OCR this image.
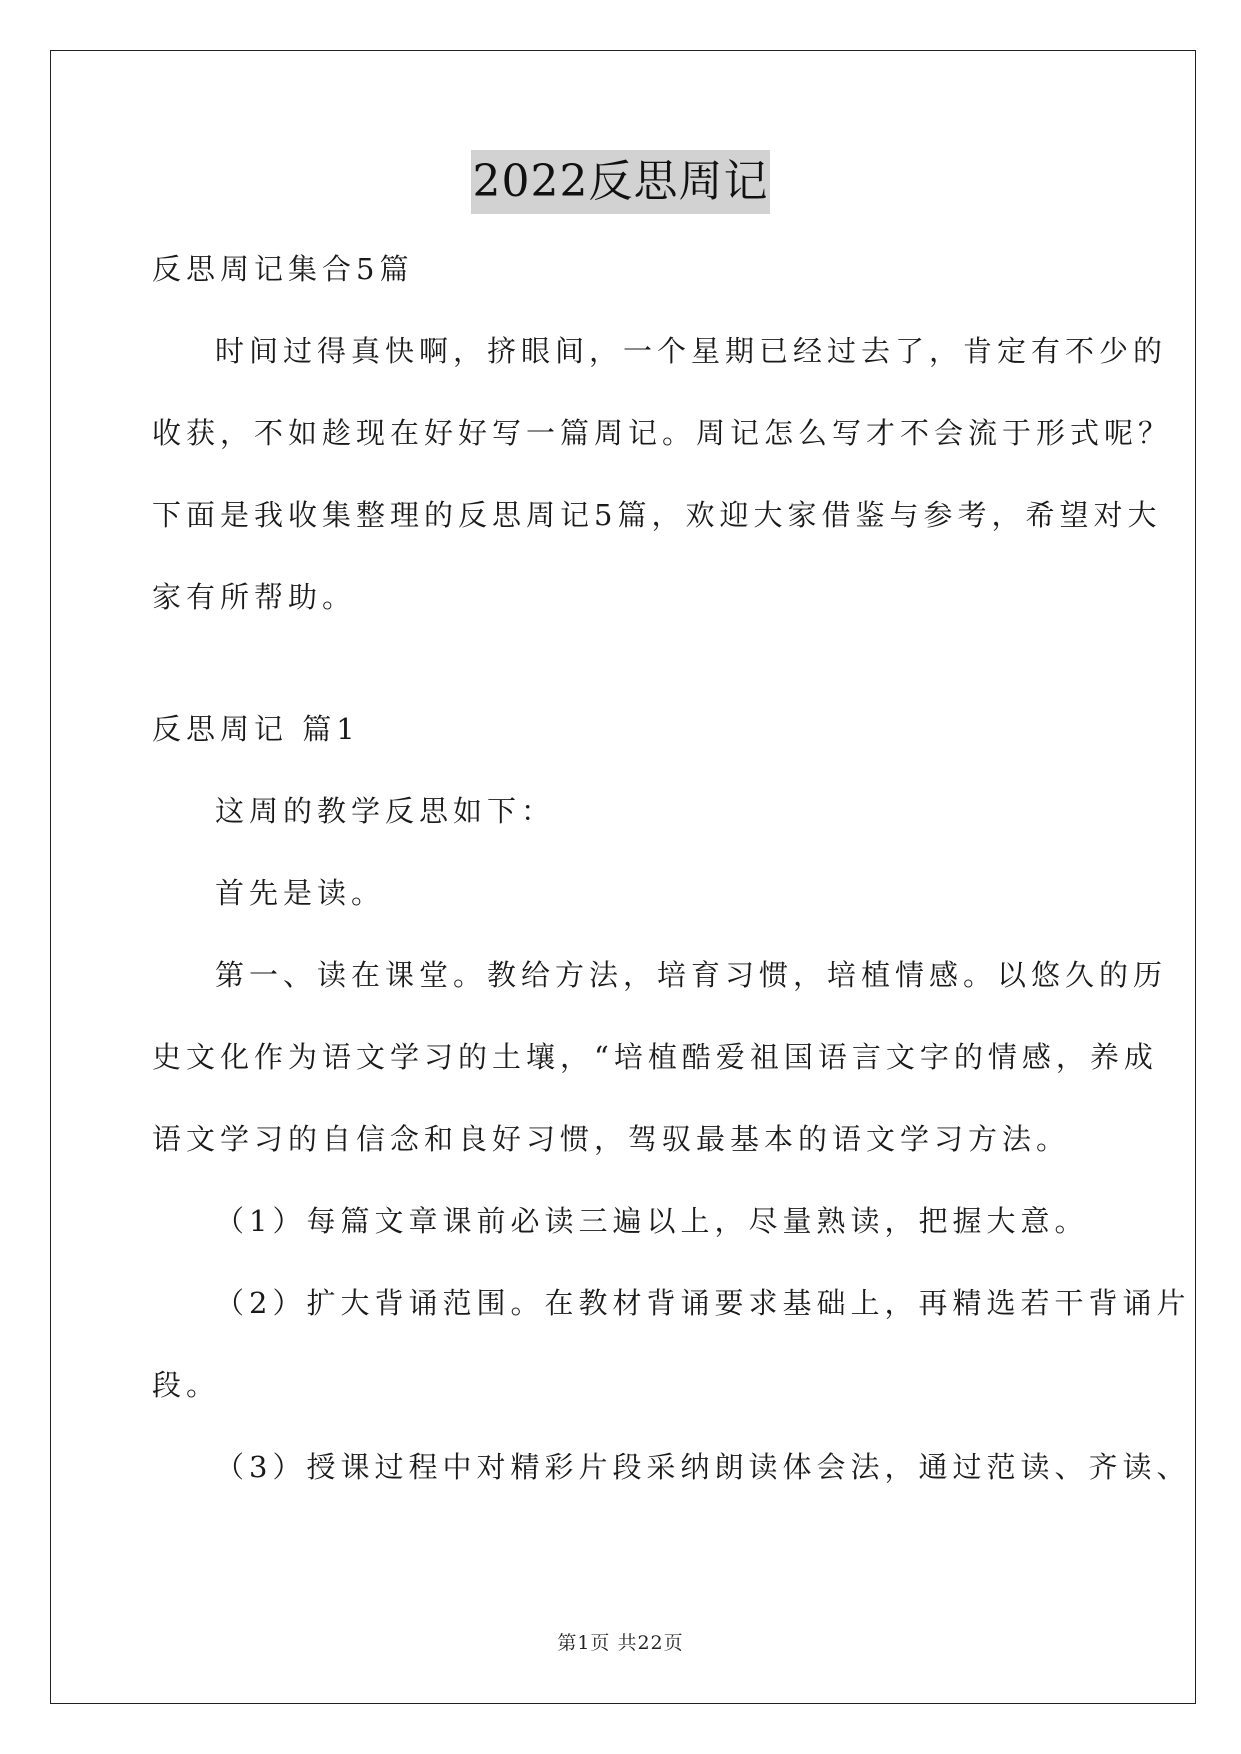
2022反思周记
反思周记集合5篇
时间过得真快啊，挤眼间，一个星期已经过去了，肯定有不少的
收获，不如趁现在好好写一篇周记。周记怎么写才不会流于形式呢？
下面是我收集整理的反思周记5篇，欢迎大家借鉴与参考，希望对大
家有所帮助。
反思周记 篇1
这周的教学反思如下：
首先是读。
第一、读在课堂。教给方法，培育习惯，培植情感。以悠久的历
史文化作为语文学习的土壤，“培植酷爱祖国语言文字的情感，养成
语文学习的自信念和良好习惯，驾驭最基本的语文学习方法。
（1）每篇文章课前必读三遍以上，尽量熟读，把握大意。
（2）扩大背诵范围。在教材背诵要求基础上，再精选若干背诵片
段。
（3）授课过程中对精彩片段采纳朗读体会法，通过范读、齐读、
第1页 共22页
